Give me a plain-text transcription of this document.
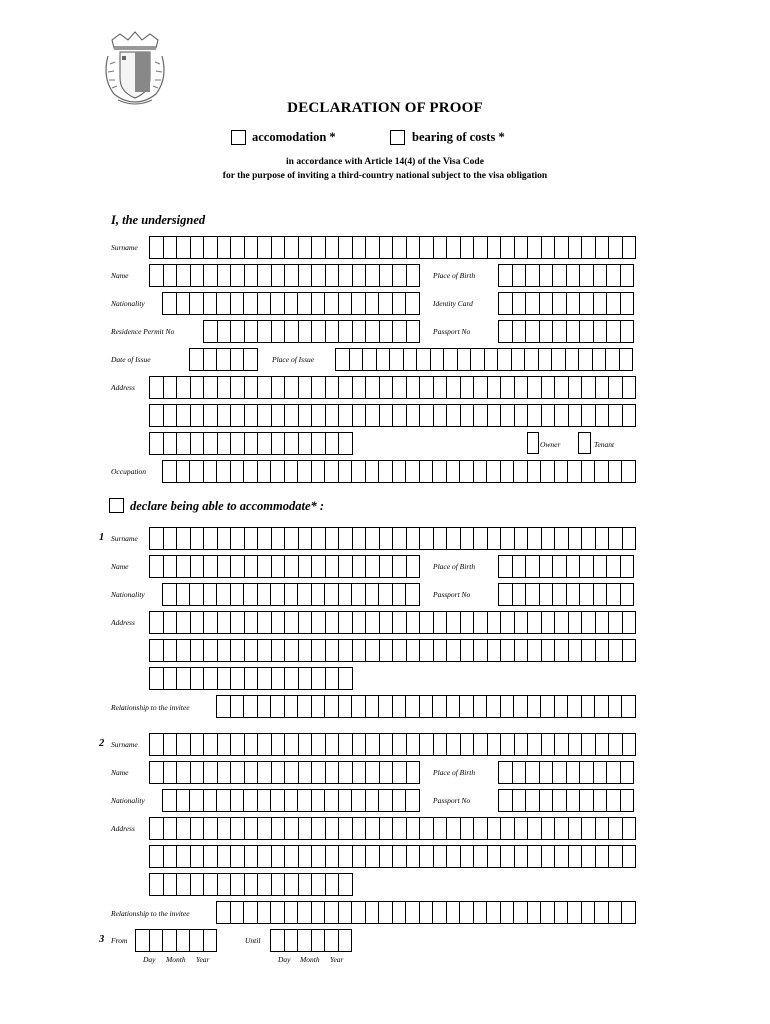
DECLARATION OF PROOF
accomodation *	bearing of costs *
in accordance with Article 14(4) of the Visa Code
for the purpose of inviting a third-country national subject to the visa obligation
I, the undersigned
Surname
Name	Place of Birth
Nationality	Identity Card
Residence Permit No	Passport No
Date of Issue	Place of Issue
Address
Owner	Tenant
Occupation
declare being able to accommodate* :
1 Surname
Name	Place of Birth
Nationality	Passport No
Address
Relationship to the invitee
2 Surname
Name	Place of Birth
Nationality	Passport No
Address
Relationship to the invitee
3 From	Until
Day Month Year	Day Month Year
